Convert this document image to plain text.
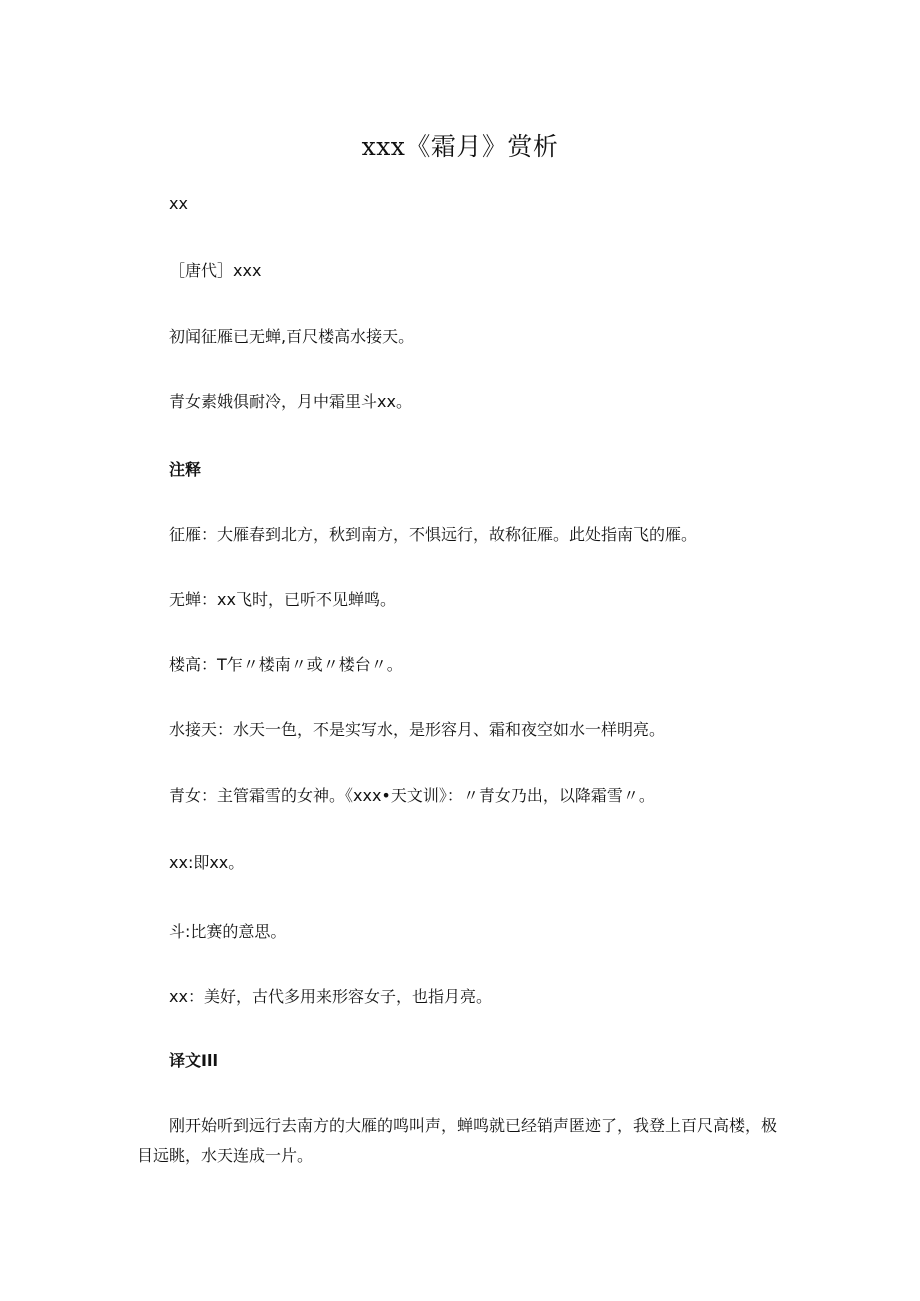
xxx《霜月》赏析
xx
［唐代］xxx
初闻征雁已无蝉,百尺楼高水接天。
青女素娥俱耐冷，月中霜里斗xx。
注释
征雁：大雁春到北方，秋到南方，不惧远行，故称征雁。此处指南飞的雁。
无蝉：xx飞时，已听不见蝉鸣。
楼高：T乍〃楼南〃或〃楼台〃。
水接天：水天一色，不是实写水，是形容月、霜和夜空如水一样明亮。
青女：主管霜雪的女神。《xxx•天文训》：〃青女乃出，以降霜雪〃。
xx:即xx。
斗:比赛的意思。
xx：美好，古代多用来形容女子，也指月亮。
译文Ill
刚开始听到远行去南方的大雁的鸣叫声，蝉鸣就已经销声匿迹了，我登上百尺高楼，极目远眺，水天连成一片。
